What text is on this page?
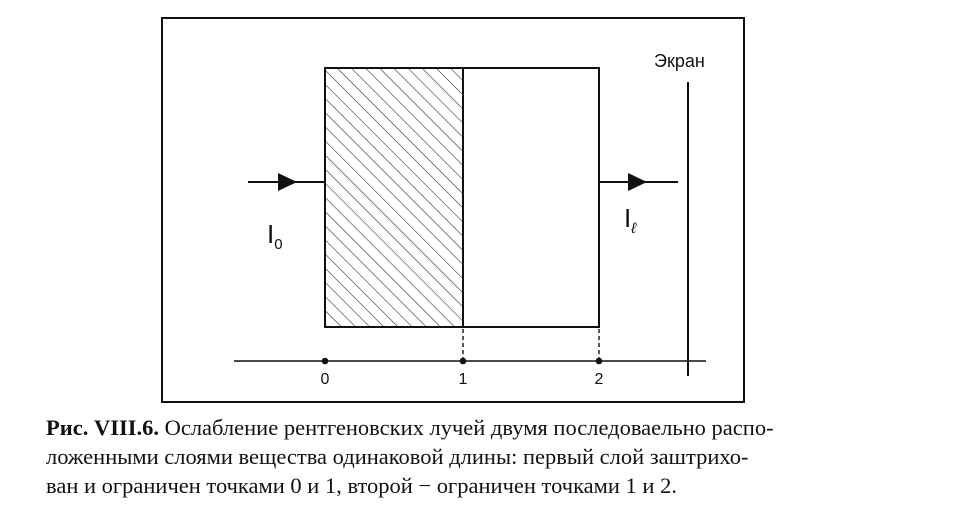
Экран
$I_0$
$I_\ell$
0	1	2
Рис. VIII.6. Ослабление рентгеновских лучей двумя последоваельно распо-
ложенными слоями вещества одинаковой длины: первый слой заштрихо-
ван и ограничен точками 0 и 1, второй − ограничен точками 1 и 2.
